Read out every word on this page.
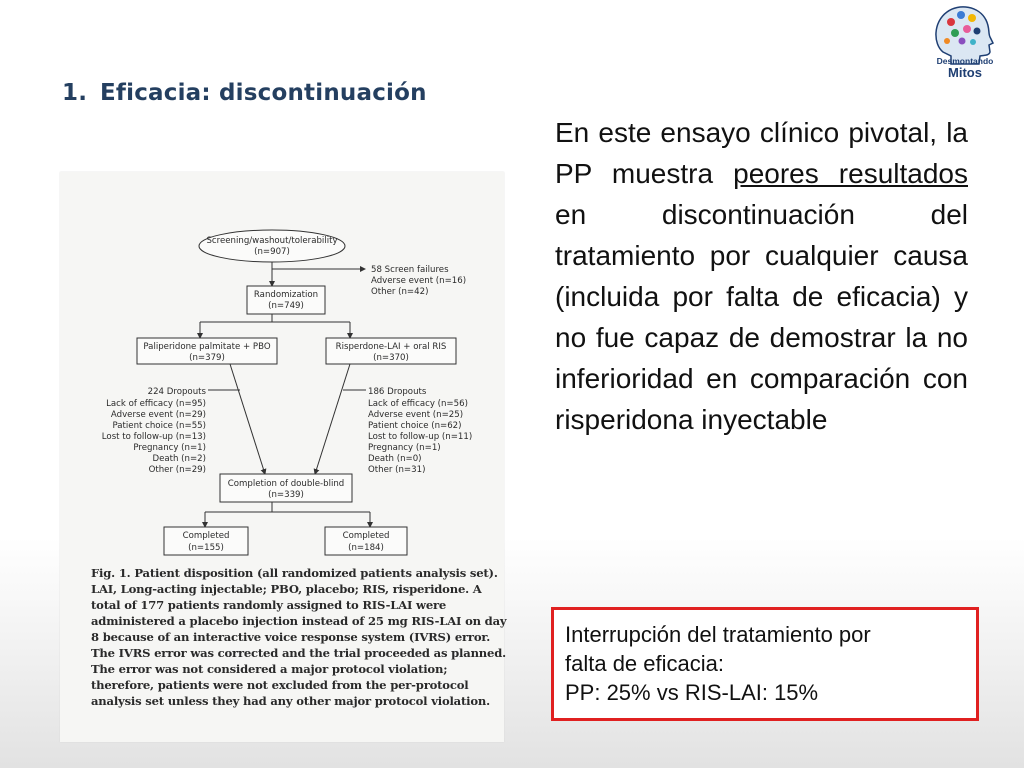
1. Eficacia: discontinuación
Desmontando
Mitos
Screening/washout/tolerability
(n=907)
Randomization
(n=749)
Paliperidone palmitate + PBO
(n=379)
Risperdone-LAI + oral RIS
(n=370)
Completion of double-blind
(n=339)
Completed
(n=155)
Completed
(n=184)
58 Screen failures
Adverse event (n=16)
Other (n=42)
224 Dropouts
Lack of efficacy (n=95)
Adverse event (n=29)
Patient choice (n=55)
Lost to follow-up (n=13)
Pregnancy (n=1)
Death (n=2)
Other (n=29)
186 Dropouts
Lack of efficacy (n=56)
Adverse event (n=25)
Patient choice (n=62)
Lost to follow-up (n=11)
Pregnancy (n=1)
Death (n=0)
Other (n=31)

Fig. 1. Patient disposition (all randomized patients analysis set). LAI, Long-acting injectable; PBO, placebo; RIS, risperidone. A total of 177 patients randomly assigned to RIS-LAI were administered a placebo injection instead of 25 mg RIS-LAI on day 8 because of an interactive voice response system (IVRS) error. The IVRS error was corrected and the trial proceeded as planned. The error was not considered a major protocol violation; therefore, patients were not excluded from the per-protocol analysis set unless they had any other major protocol violation.

En este ensayo clínico pivotal, la PP muestra peores resultados en discontinuación del tratamiento por cualquier causa (incluida por falta de eficacia) y no fue capaz de demostrar la no inferioridad en comparación con risperidona inyectable

Interrupción del tratamiento por
falta de eficacia:
PP: 25% vs RIS-LAI: 15%
